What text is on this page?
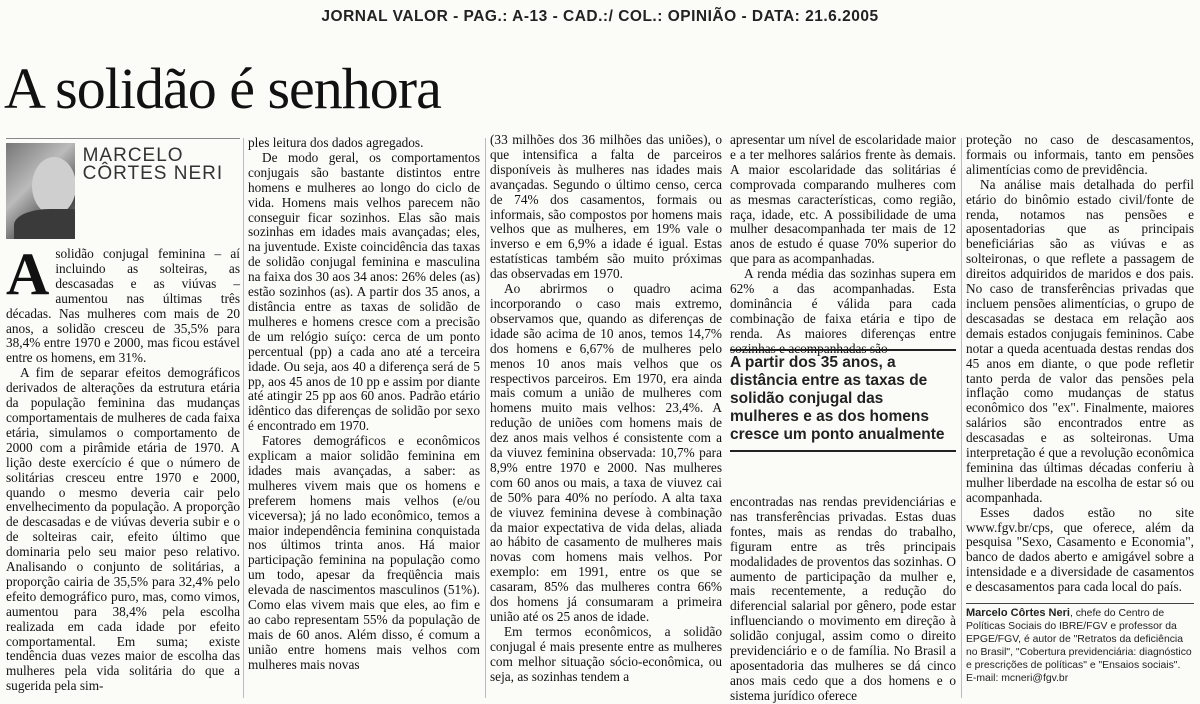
JORNAL VALOR - PAG.: A-13 - CAD.:/ COL.: OPINIÃO - DATA: 21.6.2005
A solidão é senhora
MARCELO CÔRTES NERI

Asolidão conjugal feminina – aí incluindo as solteiras, as descasadas e as viúvas – aumentou nas últimas três décadas. Nas mulheres com mais de 20 anos, a solidão cresceu de 35,5% para 38,4% entre 1970 e 2000, mas ficou estável entre os homens, em 31%.

A fim de separar efeitos demográficos derivados de alterações da estrutura etária da população feminina das mudanças comportamentais de mulheres de cada faixa etária, simulamos o comportamento de 2000 com a pirâmide etária de 1970. A lição deste exercício é que o número de solitárias cresceu entre 1970 e 2000, quando o mesmo deveria cair pelo envelhecimento da população. A proporção de descasadas e de viúvas deveria subir e o de solteiras cair, efeito último que dominaria pelo seu maior peso relativo. Analisando o conjunto de solitárias, a proporção cairia de 35,5% para 32,4% pelo efeito demográfico puro, mas, como vimos, aumentou para 38,4% pela escolha realizada em cada idade por efeito comportamental. Em suma; existe tendência duas vezes maior de escolha das mulheres pela vida solitária do que a sugerida pela sim-

ples leitura dos dados agregados.

De modo geral, os comportamentos conjugais são bastante distintos entre homens e mulheres ao longo do ciclo de vida. Homens mais velhos parecem não conseguir ficar sozinhos. Elas são mais sozinhas em idades mais avançadas; eles, na juventude. Existe coincidência das taxas de solidão conjugal feminina e masculina na faixa dos 30 aos 34 anos: 26% deles (as) estão sozinhos (as). A partir dos 35 anos, a distância entre as taxas de solidão de mulheres e homens cresce com a precisão de um relógio suíço: cerca de um ponto percentual (pp) a cada ano até a terceira idade. Ou seja, aos 40 a diferença será de 5 pp, aos 45 anos de 10 pp e assim por diante até atingir 25 pp aos 60 anos. Padrão etário idêntico das diferenças de solidão por sexo é encontrado em 1970.

Fatores demográficos e econômicos explicam a maior solidão feminina em idades mais avançadas, a saber: as mulheres vivem mais que os homens e preferem homens mais velhos (e/ou viceversa); já no lado econômico, temos a maior independência feminina conquistada nos últimos trinta anos. Há maior participação feminina na população como um todo, apesar da freqüência mais elevada de nascimentos masculinos (51%). Como elas vivem mais que eles, ao fim e ao cabo representam 55% da população de mais de 60 anos. Além disso, é comum a união entre homens mais velhos com mulheres mais novas

(33 milhões dos 36 milhões das uniões), o que intensifica a falta de parceiros disponíveis às mulheres nas idades mais avançadas. Segundo o último censo, cerca de 74% dos casamentos, formais ou informais, são compostos por homens mais velhos que as mulheres, em 19% vale o inverso e em 6,9% a idade é igual. Estas estatísticas também são muito próximas das observadas em 1970.

Ao abrirmos o quadro acima incorporando o caso mais extremo, observamos que, quando as diferenças de idade são acima de 10 anos, temos 14,7% dos homens e 6,67% de mulheres pelo menos 10 anos mais velhos que os respectivos parceiros. Em 1970, era ainda mais comum a união de mulheres com homens muito mais velhos: 23,4%. A redução de uniões com homens mais de dez anos mais velhos é consistente com a da viuvez feminina observada: 10,7% para 8,9% entre 1970 e 2000. Nas mulheres com 60 anos ou mais, a taxa de viuvez cai de 50% para 40% no período. A alta taxa de viuvez feminina devese à combinação da maior expectativa de vida delas, aliada ao hábito de casamento de mulheres mais novas com homens mais velhos. Por exemplo: em 1991, entre os que se casaram, 85% das mulheres contra 66% dos homens já consumaram a primeira união até os 25 anos de idade.

Em termos econômicos, a solidão conjugal é mais presente entre as mulheres com melhor situação sócio-econômica, ou seja, as sozinhas tendem a

apresentar um nível de escolaridade maior e a ter melhores salários frente às demais. A maior escolaridade das solitárias é comprovada comparando mulheres com as mesmas características, como região, raça, idade, etc. A possibilidade de uma mulher desacompanhada ter mais de 12 anos de estudo é quase 70% superior do que para as acompanhadas.

A renda média das sozinhas supera em 62% a das acompanhadas. Esta dominância é válida para cada combinação de faixa etária e tipo de renda. As maiores diferenças entre sozinhas e acompanhadas são

A partir dos 35 anos, a distância entre as taxas de solidão conjugal das mulheres e as dos homens cresce um ponto anualmente

encontradas nas rendas previdenciárias e nas transferências privadas. Estas duas fontes, mais as rendas do trabalho, figuram entre as três principais modalidades de proventos das sozinhas. O aumento de participação da mulher e, mais recentemente, a redução do diferencial salarial por gênero, pode estar influenciando o movimento em direção à solidão conjugal, assim como o direito previdenciário e o de família. No Brasil a aposentadoria das mulheres se dá cinco anos mais cedo que a dos homens e o sistema jurídico oferece

proteção no caso de descasamentos, formais ou informais, tanto em pensões alimentícias como de previdência.

Na análise mais detalhada do perfil etário do binômio estado civil/fonte de renda, notamos nas pensões e aposentadorias que as principais beneficiárias são as viúvas e as solteironas, o que reflete a passagem de direitos adquiridos de maridos e dos pais. No caso de transferências privadas que incluem pensões alimentícias, o grupo de descasadas se destaca em relação aos demais estados conjugais femininos. Cabe notar a queda acentuada destas rendas dos 45 anos em diante, o que pode refletir tanto perda de valor das pensões pela inflação como mudanças de status econômico dos "ex". Finalmente, maiores salários são encontrados entre as descasadas e as solteironas. Uma interpretação é que a revolução econômica feminina das últimas décadas conferiu à mulher liberdade na escolha de estar só ou acompanhada.

Esses dados estão no site www.fgv.br/cps, que oferece, além da pesquisa "Sexo, Casamento e Economia", banco de dados aberto e amigável sobre a intensidade e a diversidade de casamentos e descasamentos para cada local do país.

Marcelo Côrtes Neri, chefe do Centro de Políticas Sociais do IBRE/FGV e professor da EPGE/FGV, é autor de "Retratos da deficiência no Brasil", "Cobertura previdenciária: diagnóstico e prescrições de políticas" e "Ensaios sociais".
E-mail: mcneri@fgv.br
